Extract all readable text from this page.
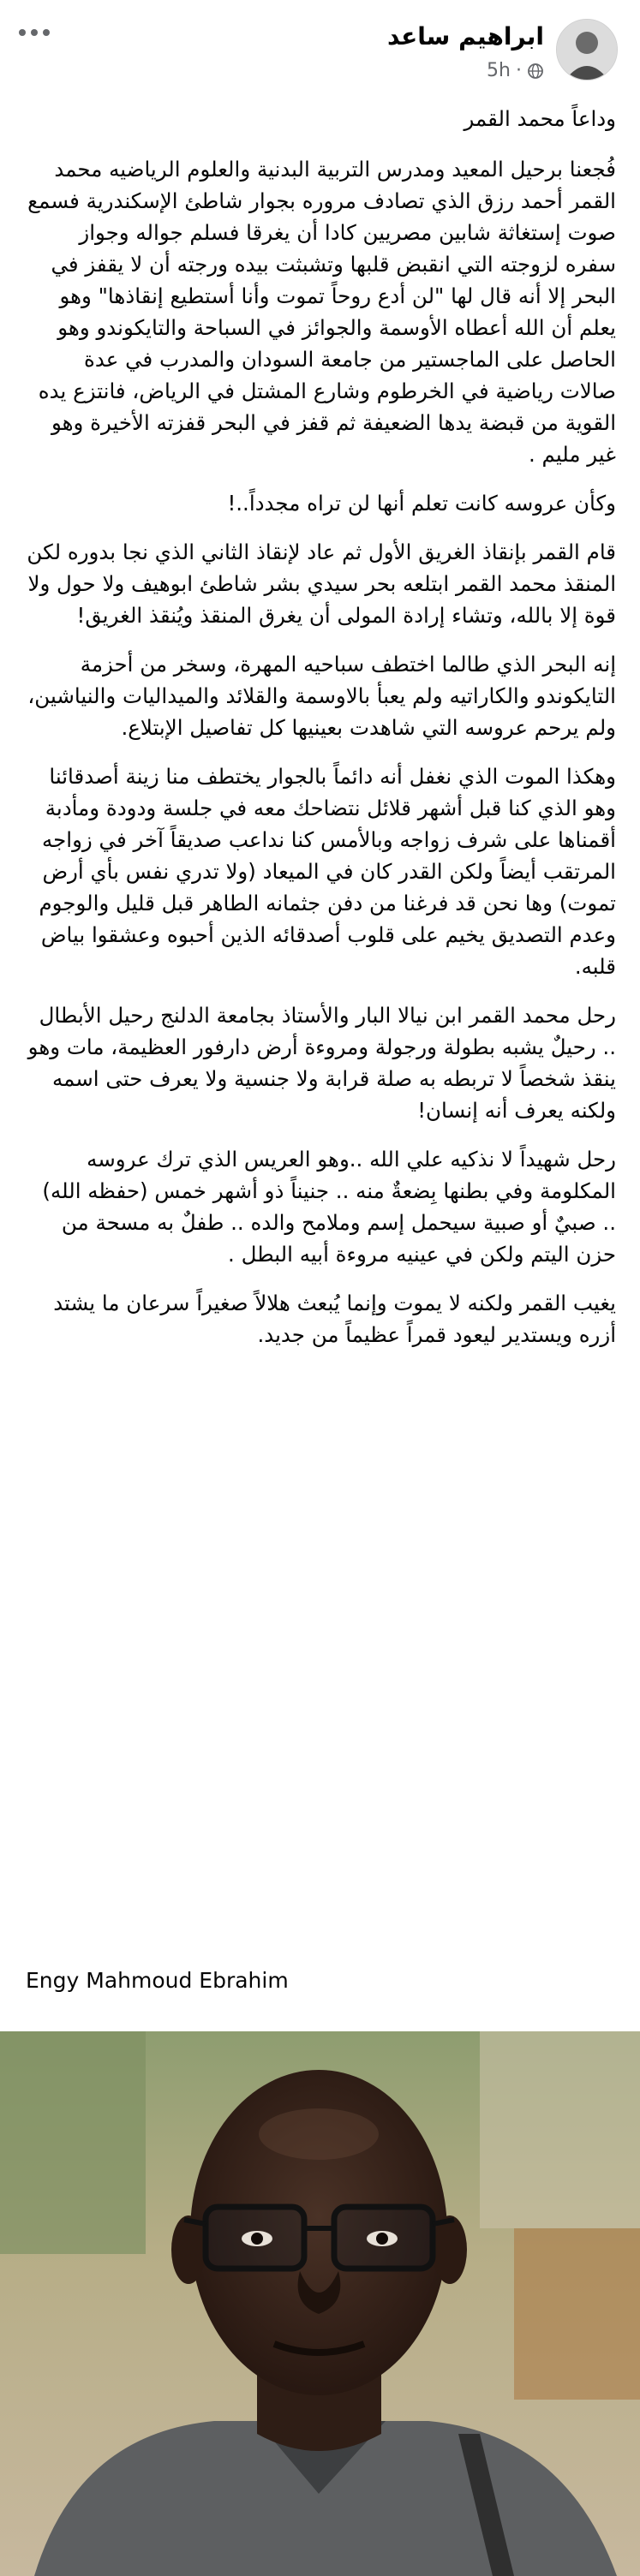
ابراهيم ساعد
5h ·

وداعاً محمد القمر

فُجعنا برحيل المعيد ومدرس التربية البدنية والعلوم الرياضيه محمد القمر أحمد رزق الذي تصادف مروره بجوار شاطئ الإسكندرية فسمع صوت إستغاثة شابين مصريين كادا أن يغرقا فسلم جواله وجواز سفره لزوجته التي انقبض قلبها وتشبثت بيده ورجته أن لا يقفز في البحر إلا أنه قال لها "لن أدع روحاً تموت وأنا أستطيع إنقاذها" وهو يعلم أن الله أعطاه الأوسمة والجوائز في السباحة والتايكوندو وهو الحاصل على الماجستير من جامعة السودان والمدرب في عدة صالات رياضية في الخرطوم وشارع المشتل في الرياض، فانتزع يده القوية من قبضة يدها الضعيفة ثم قفز في البحر قفزته الأخيرة وهو غير مليم .

وكأن عروسه كانت تعلم أنها لن تراه مجدداً..!

قام القمر بإنقاذ الغريق الأول ثم عاد لإنقاذ الثاني الذي نجا بدوره لكن المنقذ محمد القمر ابتلعه بحر سيدي بشر شاطئ ابوهيف ولا حول ولا قوة إلا بالله، وتشاء إرادة المولى أن يغرق المنقذ ويُنقذ الغريق!

إنه البحر الذي طالما اختطف سباحيه المهرة، وسخر من أحزمة التايكوندو والكاراتيه ولم يعبأ بالاوسمة والقلائد والميداليات والنياشين، ولم يرحم عروسه التي شاهدت بعينيها كل تفاصيل الإبتلاع.

وهكذا الموت الذي نغفل أنه دائماً بالجوار يختطف منا زينة أصدقائنا وهو الذي كنا قبل أشهر قلائل نتضاحك معه في جلسة ودودة ومأدبة أقمناها على شرف زواجه وبالأمس كنا نداعب صديقاً آخر في زواجه المرتقب أيضاً ولكن القدر كان في الميعاد (ولا تدري نفس بأي أرض تموت) وها نحن قد فرغنا من دفن جثمانه الطاهر قبل قليل والوجوم وعدم التصديق يخيم على قلوب أصدقائه الذين أحبوه وعشقوا بياض قلبه.

رحل محمد القمر ابن نيالا البار والأستاذ بجامعة الدلنج رحيل الأبطال .. رحيلٌ يشبه بطولة ورجولة ومروءة أرض دارفور العظيمة، مات وهو ينقذ شخصاً لا تربطه به صلة قرابة ولا جنسية ولا يعرف حتى اسمه ولكنه يعرف أنه إنسان!

رحل شهيداً لا نذكيه علي الله ..وهو العريس الذي ترك عروسه المكلومة وفي بطنها بِضعةٌ منه .. جنيناً ذو أشهر خمس (حفظه الله) .. صبيٌ أو صبية سيحمل إسم وملامح والده .. طفلٌ به مسحة من حزن اليتم ولكن في عينيه مروءة أبيه البطل .

يغيب القمر ولكنه لا يموت وإنما يُبعث هلالاً صغيراً سرعان ما يشتد أزره ويستدير ليعود قمراً عظيماً من جديد.

Engy Mahmoud Ebrahim
